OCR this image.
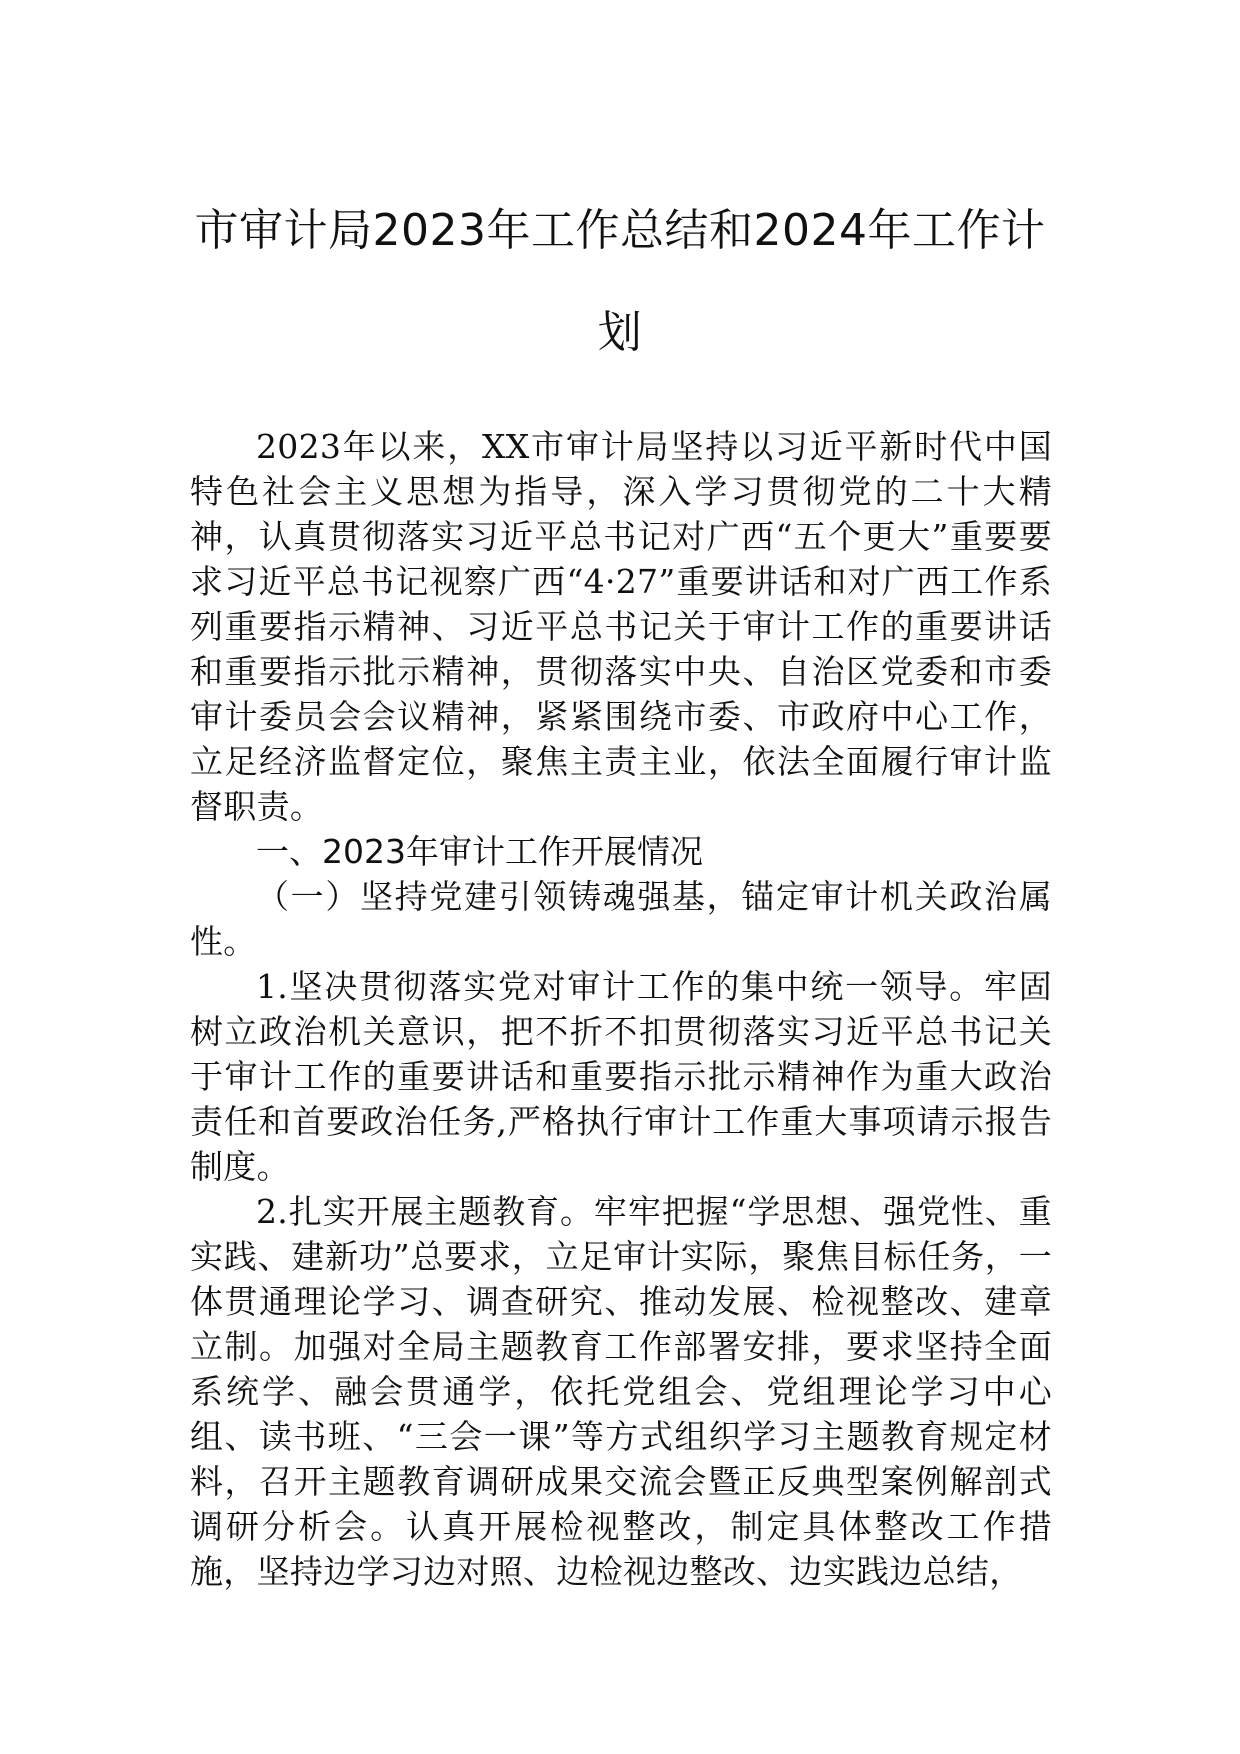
市审计局2023年工作总结和2024年工作计划

2023年以来，XX市审计局坚持以习近平新时代中国特色社会主义思想为指导，深入学习贯彻党的二十大精神，认真贯彻落实习近平总书记对广西“五个更大”重要要求习近平总书记视察广西“4·27”重要讲话和对广西工作系列重要指示精神、习近平总书记关于审计工作的重要讲话和重要指示批示精神，贯彻落实中央、自治区党委和市委审计委员会会议精神，紧紧围绕市委、市政府中心工作，立足经济监督定位，聚焦主责主业，依法全面履行审计监督职责。

一、2023年审计工作开展情况

（一）坚持党建引领铸魂强基，锚定审计机关政治属性。

1.坚决贯彻落实党对审计工作的集中统一领导。牢固树立政治机关意识，把不折不扣贯彻落实习近平总书记关于审计工作的重要讲话和重要指示批示精神作为重大政治责任和首要政治任务,严格执行审计工作重大事项请示报告制度。

2.扎实开展主题教育。牢牢把握“学思想、强党性、重实践、建新功”总要求，立足审计实际，聚焦目标任务，一体贯通理论学习、调查研究、推动发展、检视整改、建章立制。加强对全局主题教育工作部署安排，要求坚持全面系统学、融会贯通学，依托党组会、党组理论学习中心组、读书班、“三会一课”等方式组织学习主题教育规定材料，召开主题教育调研成果交流会暨正反典型案例解剖式调研分析会。认真开展检视整改，制定具体整改工作措施，坚持边学习边对照、边检视边整改、边实践边总结，
